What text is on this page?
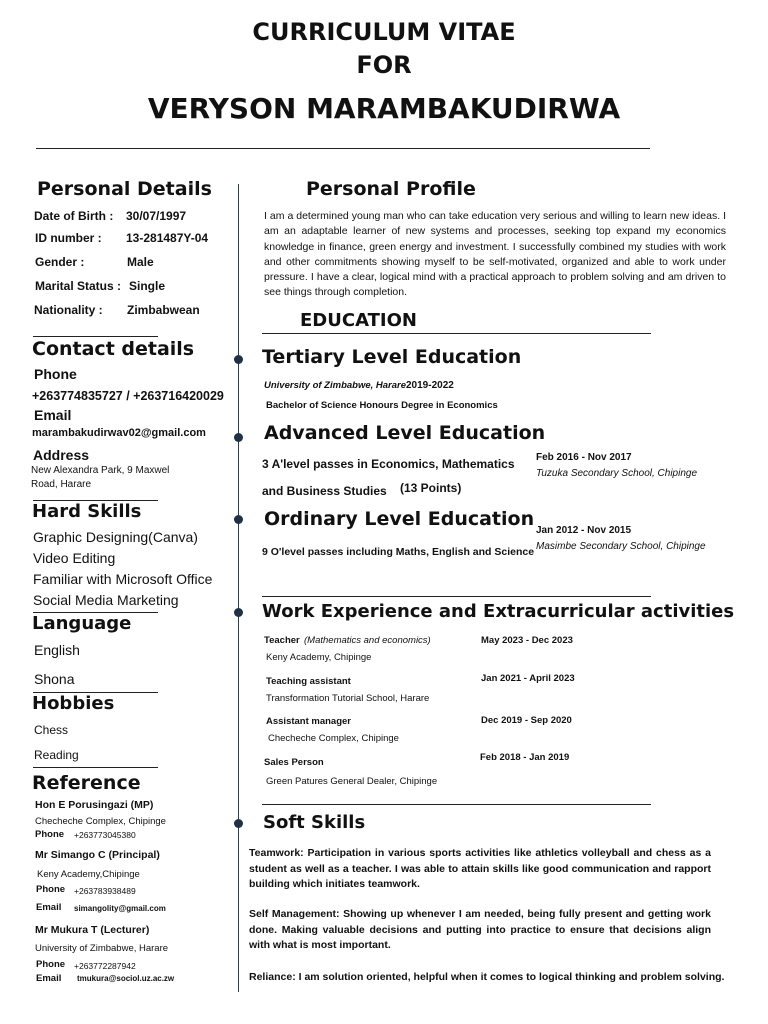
CURRICULUM VITAE
FOR
VERYSON MARAMBAKUDIRWA
Personal Details
Date of Birth : 30/07/1997
ID number : 13-281487Y-04
Gender :	Male
Marital Status : Single
Nationality : Zimbabwean
Contact details
Phone
+263774835727 / +263716420029
Email
marambakudirwav02@gmail.com
Address
New Alexandra Park, 9 Maxwel
Road, Harare
Hard Skills
Graphic Designing(Canva)
Video Editing
Familiar with Microsoft Office
Social Media Marketing
Language
English
Shona
Hobbies
Chess
Reading
Reference
Hon E Porusingazi (MP)
Checheche Complex, Chipinge
Phone +263773045380
Mr Simango C (Principal)
Keny Academy,Chipinge
Phone +263783938489
Email simangolity@gmail.com
Mr Mukura T (Lecturer)
University of Zimbabwe, Harare
Phone +263772287942
Email tmukura@sociol.uz.ac.zw
Personal Profile
I am a determined young man who can take education very serious and willing to learn new ideas. I am an adaptable learner of new systems and processes, seeking top expand my economics knowledge in finance, green energy and investment. I successfully combined my studies with work and other commitments showing myself to be self-motivated, organized and able to work under pressure. I have a clear, logical mind with a practical approach to problem solving and am driven to see things through completion.
EDUCATION
Tertiary Level Education
University of Zimbabwe, Harare 2019-2022
Bachelor of Science Honours Degree in Economics
Advanced Level Education
3 A'level passes in Economics, Mathematics
and Business Studies (13 Points)
Feb 2016 - Nov 2017
Tuzuka Secondary School, Chipinge
Ordinary Level Education
9 O'level passes including Maths, English and Science
Jan 2012 - Nov 2015
Masimbe Secondary School, Chipinge
Work Experience and Extracurricular activities
Teacher (Mathematics and economics)
Keny Academy, Chipinge
May 2023 - Dec 2023
Teaching assistant
Transformation Tutorial School, Harare
Jan 2021 - April 2023
Assistant manager
Checheche Complex, Chipinge
Dec 2019 - Sep 2020
Sales Person
Green Patures General Dealer, Chipinge
Feb 2018 - Jan 2019
Soft Skills
Teamwork: Participation in various sports activities like athletics volleyball and chess as a student as well as a teacher. I was able to attain skills like good communication and rapport building which initiates teamwork.
Self Management: Showing up whenever I am needed, being fully present and getting work done. Making valuable decisions and putting into practice to ensure that decisions align with what is most important.
Reliance: I am solution oriented, helpful when it comes to logical thinking and problem solving.
